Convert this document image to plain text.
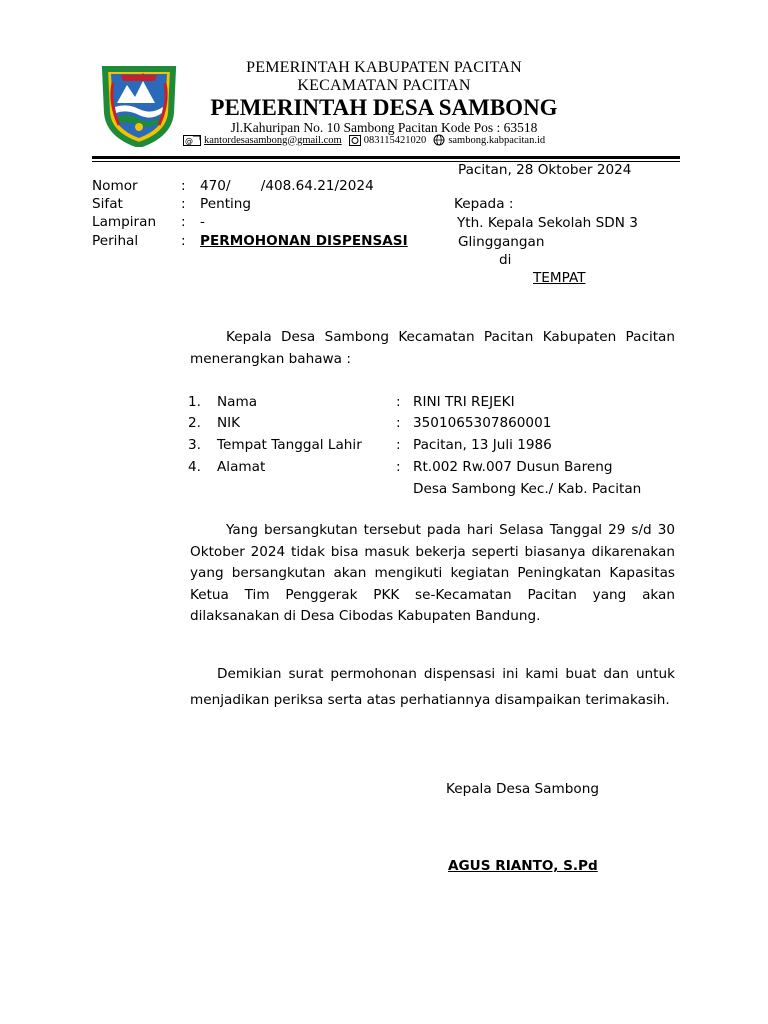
PEMERINTAH KABUPATEN PACITAN
KECAMATAN PACITAN
PEMERINTAH DESA SAMBONG
Jl.Kahuripan No. 10 Sambong Pacitan Kode Pos : 63518
@ kantordesasambong@gmail.com 083115421020 sambong.kabpacitan.id
Pacitan, 28 Oktober 2024
Nomor	: 470/       /408.64.21/2024
Sifat	: Penting
Lampiran : -
Perihal	: PERMOHONAN DISPENSASI
Kepada :
Yth. Kepala Sekolah SDN 3
Glinggangan
di
TEMPAT
Kepala Desa Sambong Kecamatan Pacitan Kabupaten Pacitan menerangkan bahawa :
1. Nama	: RINI TRI REJEKI
2. NIK	: 3501065307860001
3. Tempat Tanggal Lahir	: Pacitan, 13 Juli 1986
4. Alamat	: Rt.002 Rw.007 Dusun Bareng
Desa Sambong Kec./ Kab. Pacitan
Yang bersangkutan tersebut pada hari Selasa Tanggal 29 s/d 30 Oktober 2024 tidak bisa masuk bekerja seperti biasanya dikarenakan yang bersangkutan akan mengikuti kegiatan Peningkatan Kapasitas Ketua Tim Penggerak PKK se-Kecamatan Pacitan yang akan dilaksanakan di Desa Cibodas Kabupaten Bandung.
Demikian surat permohonan dispensasi ini kami buat dan untuk menjadikan periksa serta atas perhatiannya disampaikan terimakasih.
Kepala Desa Sambong
AGUS RIANTO, S.Pd
